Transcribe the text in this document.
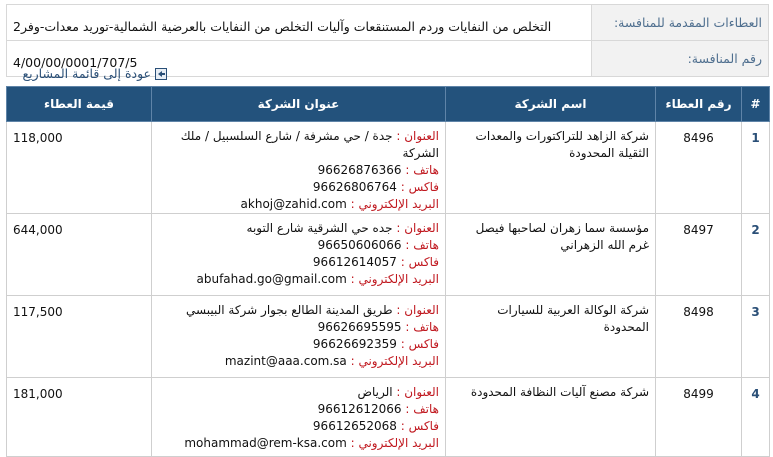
العطاءات المقدمة للمنافسة:	التخلص من النفايات وردم المستنقعات وآليات التخلص من النفايات بالعرضية الشمالية-توريد معدات-وفر2
رقم المنافسة:	4/00/00/0001/707/5
عودة إلى قائمة المشاريع
#	رقم العطاء	اسم الشركة	عنوان الشركة	قيمة العطاء
1	8496	شركة الزاهد للتراكتورات والمعدات الثقيلة المحدودة	العنوان : جدة / حي مشرفة / شارع السلسبيل / ملك الشركة
هاتف : 96626876366
فاكس : 96626806764
البريد الإلكتروني : akhoj@zahid.com	118,000
2	8497	مؤسسة سما زهران لصاحبها فيصل غرم الله الزهراني	العنوان : جده حي الشرقية شارع التوبه
هاتف : 96650606066
فاكس : 96612614057
البريد الإلكتروني : abufahad.go@gmail.com	644,000
3	8498	شركة الوكالة العربية للسيارات المحدودة	العنوان : طريق المدينة الطالع بجوار شركة البيبسي
هاتف : 96626695595
فاكس : 96626692359
البريد الإلكتروني : mazint@aaa.com.sa	117,500
4	8499	شركة مصنع آليات النظافة المحدودة	العنوان : الرياض
هاتف : 96612612066
فاكس : 96612652068
البريد الإلكتروني : mohammad@rem-ksa.com	181,000
